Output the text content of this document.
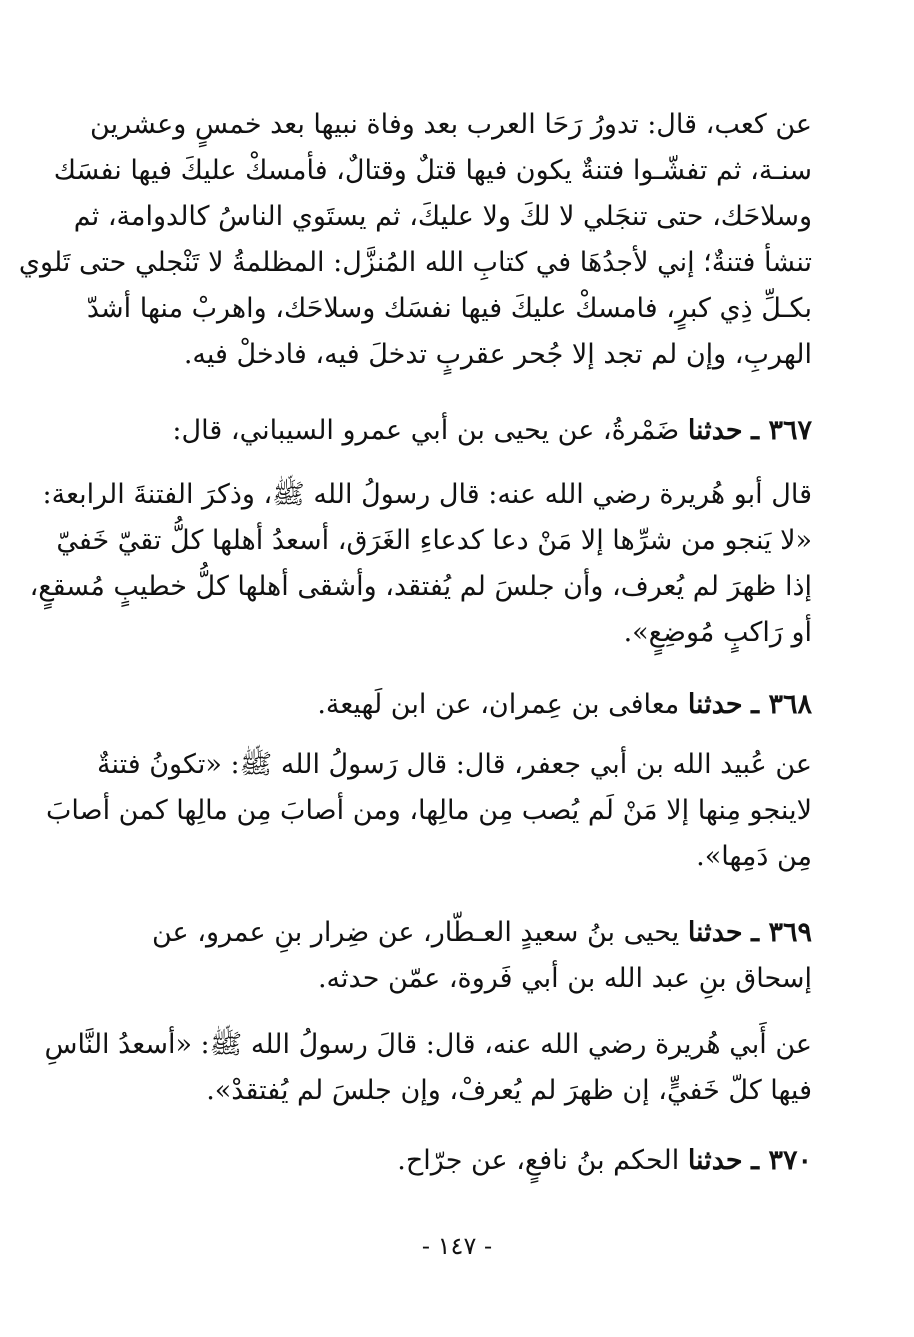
عن كعب، قال: تدورُ رَحَا العرب بعد وفاة نبيها بعد خمسٍ وعشرين
سنـة، ثم تفشّـوا فتنةٌ يكون فيها قتلٌ وقتالٌ، فأمسكْ عليكَ فيها نفسَك
وسلاحَك، حتى تنجَلي لا لكَ ولا عليكَ، ثم يستَوي الناسُ كالدوامة، ثم
تنشأ فتنةٌ؛ إني لأجدُهَا في كتابِ الله المُنزَّل: المظلمةُ لا تَنْجلي حتى تَلوي
بكـلِّ ذِي كبرٍ، فامسكْ عليكَ فيها نفسَك وسلاحَك، واهربْ منها أشدّ
الهربِ، وإن لم تجد إلا جُحر عقربٍ تدخلَ فيه، فادخلْ فيه.
٣٦٧ ـ حدثنا ضَمْرةُ، عن يحيى بن أبي عمرو السيباني، قال:
قال أبو هُريرة رضي الله عنه: قال رسولُ الله ﷺ، وذكرَ الفتنةَ الرابعة:
«لا يَنجو من شرِّها إلا مَنْ دعا كدعاءِ الغَرَق، أسعدُ أهلها كلُّ تقيّ خَفيّ
إذا ظهرَ لم يُعرف، وأن جلسَ لم يُفتقد، وأشقى أهلها كلُّ خطيبٍ مُسقعٍ،
أو رَاكبٍ مُوضِعٍ».
٣٦٨ ـ حدثنا معافى بن عِمران، عن ابن لَهيعة.
عن عُبيد الله بن أبي جعفر، قال: قال رَسولُ الله ﷺ: «تكونُ فتنةٌ
لاينجو مِنها إلا مَنْ لَم يُصب مِن مالِها، ومن أصابَ مِن مالِها كمن أصابَ
مِن دَمِها».
٣٦٩ ـ حدثنا يحيى بنُ سعيدٍ العـطّار، عن ضِرار بنِ عمرو، عن
إسحاق بنِ عبد الله بن أبي فَروة، عمّن حدثه.
عن أَبي هُريرة رضي الله عنه، قال: قالَ رسولُ الله ﷺ: «أسعدُ النَّاسِ
فيها كلّ خَفيٍّ، إن ظهرَ لم يُعرفْ، وإن جلسَ لم يُفتقدْ».
٣٧٠ ـ حدثنا الحكم بنُ نافعٍ، عن جرّاح.
- ١٤٧ -
